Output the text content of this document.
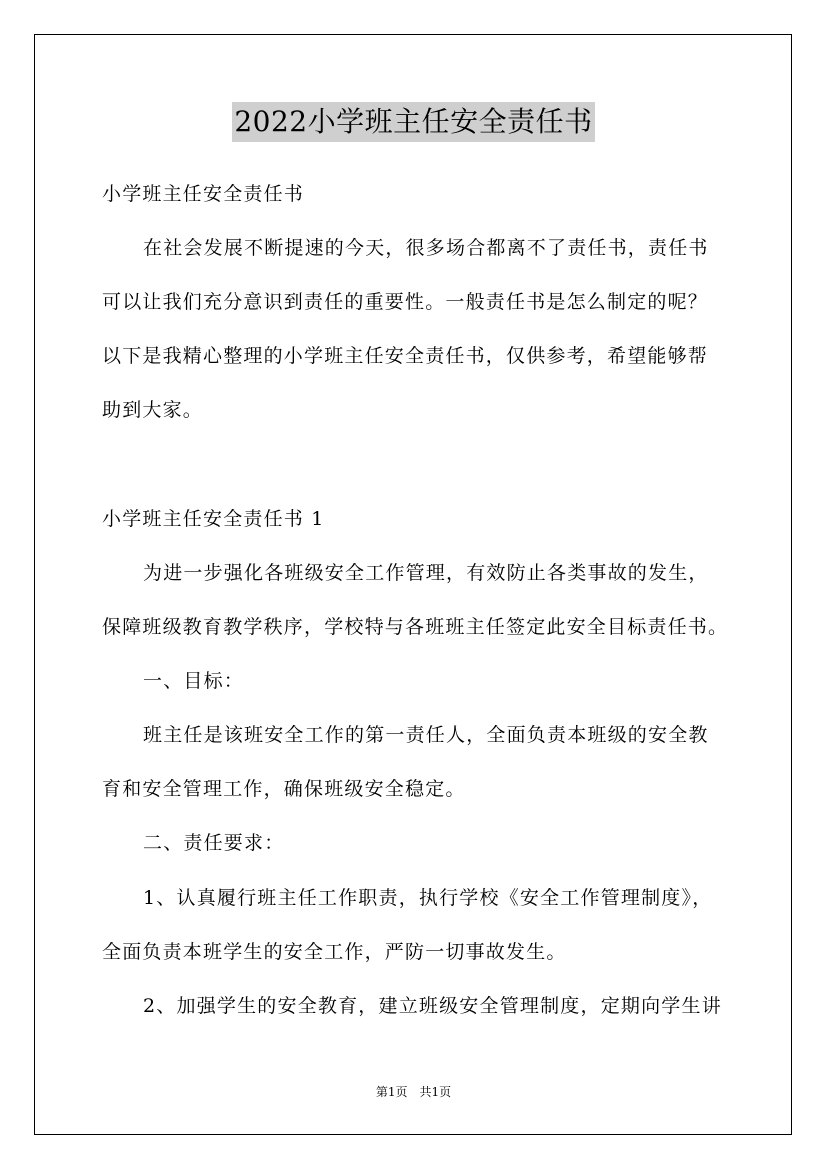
2022小学班主任安全责任书
小学班主任安全责任书
在社会发展不断提速的今天，很多场合都离不了责任书，责任书
可以让我们充分意识到责任的重要性。一般责任书是怎么制定的呢？
以下是我精心整理的小学班主任安全责任书，仅供参考，希望能够帮
助到大家。
小学班主任安全责任书 1
为进一步强化各班级安全工作管理，有效防止各类事故的发生，
保障班级教育教学秩序，学校特与各班班主任签定此安全目标责任书。
一、目标：
班主任是该班安全工作的第一责任人，全面负责本班级的安全教
育和安全管理工作，确保班级安全稳定。
二、责任要求：
1、认真履行班主任工作职责，执行学校《安全工作管理制度》，
全面负责本班学生的安全工作，严防一切事故发生。
2、加强学生的安全教育，建立班级安全管理制度，定期向学生讲
第1页　共1页
